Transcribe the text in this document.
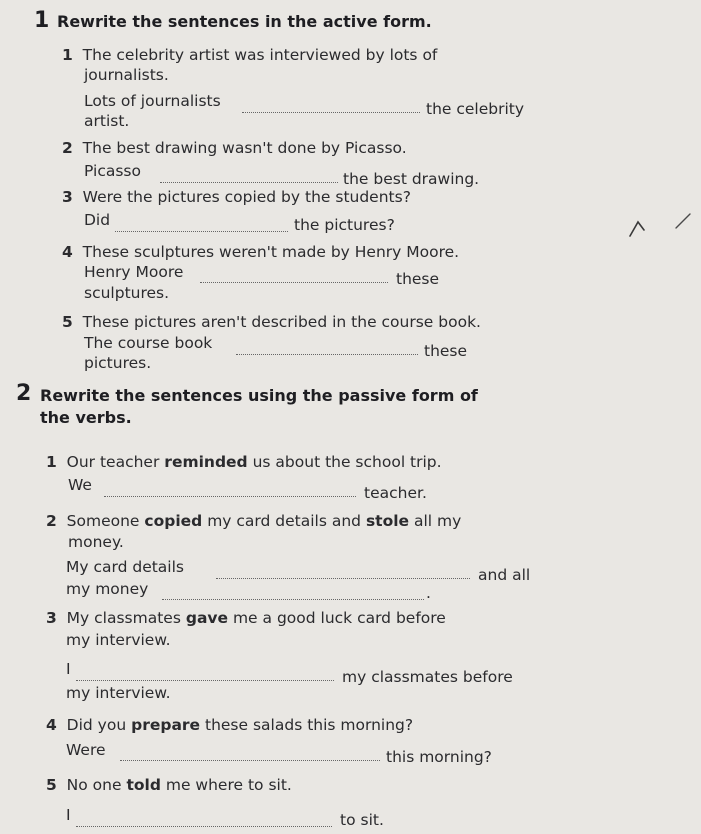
1 Rewrite the sentences in the active form.
1 The celebrity artist was interviewed by lots of
journalists.
Lots of journalists	the celebrity
artist.
2 The best drawing wasn't done by Picasso.
Picasso	the best drawing.
3 Were the pictures copied by the students?
Did	the pictures?
4 These sculptures weren't made by Henry Moore.
Henry Moore	these
sculptures.
5 These pictures aren't described in the course book.
The course book	these
pictures.
2 Rewrite the sentences using the passive form of
the verbs.
1 Our teacher reminded us about the school trip.
We	teacher.
2 Someone copied my card details and stole all my
money.
My card details	and all
my money	.
3 My classmates gave me a good luck card before
my interview.
I	my classmates before
my interview.
4 Did you prepare these salads this morning?
Were	this morning?
5 No one told me where to sit.
I	to sit.
